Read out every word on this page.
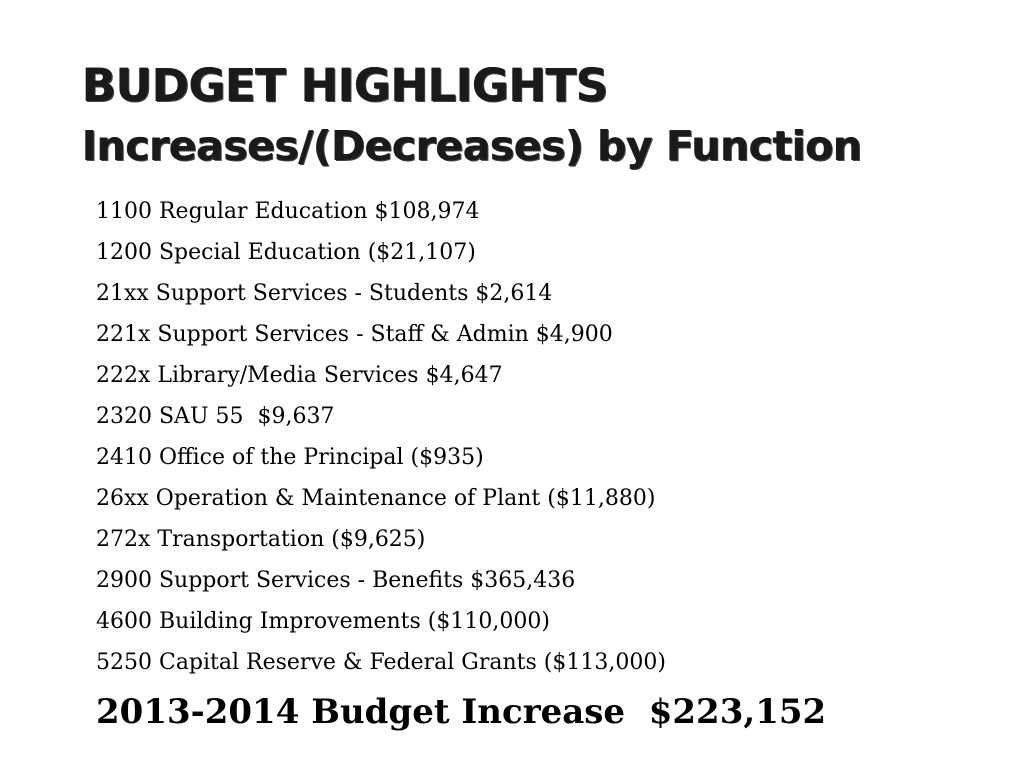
BUDGET HIGHLIGHTS
Increases/(Decreases) by Function
1100 Regular Education $108,974
1200 Special Education ($21,107)
21xx Support Services - Students $2,614
221x Support Services - Staff & Admin $4,900
222x Library/Media Services $4,647
2320 SAU 55  $9,637
2410 Office of the Principal ($935)
26xx Operation & Maintenance of Plant ($11,880)
272x Transportation ($9,625)
2900 Support Services - Benefits $365,436
4600 Building Improvements ($110,000)
5250 Capital Reserve & Federal Grants ($113,000)
2013-2014 Budget Increase  $223,152
